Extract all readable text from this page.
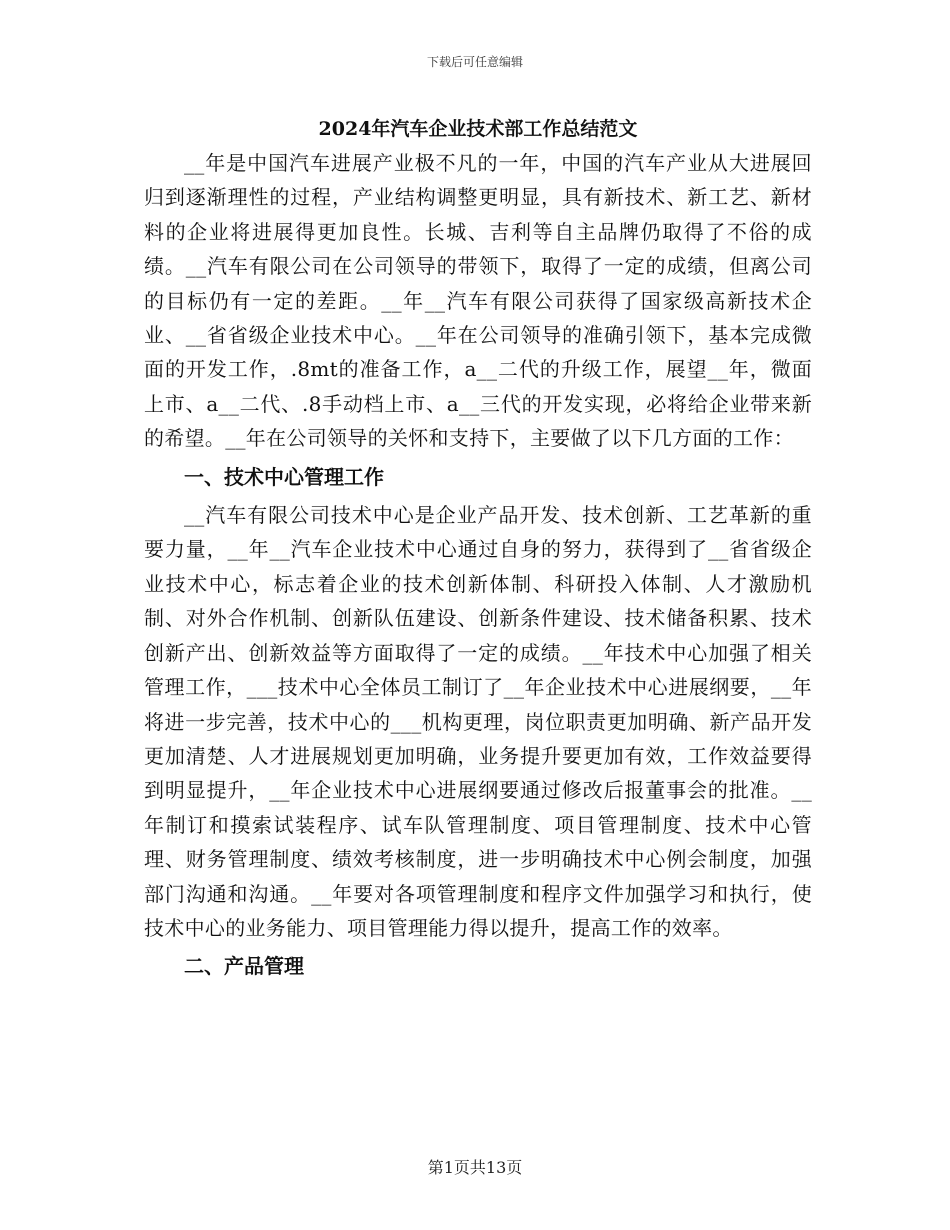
下载后可任意编辑
2024年汽车企业技术部工作总结范文

__年是中国汽车进展产业极不凡的一年，中国的汽车产业从大进展回归到逐渐理性的过程，产业结构调整更明显，具有新技术、新工艺、新材料的企业将进展得更加良性。长城、吉利等自主品牌仍取得了不俗的成绩。__汽车有限公司在公司领导的带领下，取得了一定的成绩，但离公司的目标仍有一定的差距。__年__汽车有限公司获得了国家级高新技术企业、__省省级企业技术中心。__年在公司领导的准确引领下，基本完成微面的开发工作，.8mt的准备工作，a__二代的升级工作，展望__年，微面上市、a__二代、.8手动档上市、a__三代的开发实现，必将给企业带来新的希望。__年在公司领导的关怀和支持下，主要做了以下几方面的工作：

一、技术中心管理工作

__汽车有限公司技术中心是企业产品开发、技术创新、工艺革新的重要力量，__年__汽车企业技术中心通过自身的努力，获得到了__省省级企业技术中心，标志着企业的技术创新体制、科研投入体制、人才激励机制、对外合作机制、创新队伍建设、创新条件建设、技术储备积累、技术创新产出、创新效益等方面取得了一定的成绩。__年技术中心加强了相关管理工作，___技术中心全体员工制订了__年企业技术中心进展纲要，__年将进一步完善，技术中心的___机构更理，岗位职责更加明确、新产品开发更加清楚、人才进展规划更加明确，业务提升要更加有效，工作效益要得到明显提升，__年企业技术中心进展纲要通过修改后报董事会的批准。__年制订和摸索试装程序、试车队管理制度、项目管理制度、技术中心管理、财务管理制度、绩效考核制度，进一步明确技术中心例会制度，加强部门沟通和沟通。__年要对各项管理制度和程序文件加强学习和执行，使技术中心的业务能力、项目管理能力得以提升，提高工作的效率。

二、产品管理

第1页共13页
